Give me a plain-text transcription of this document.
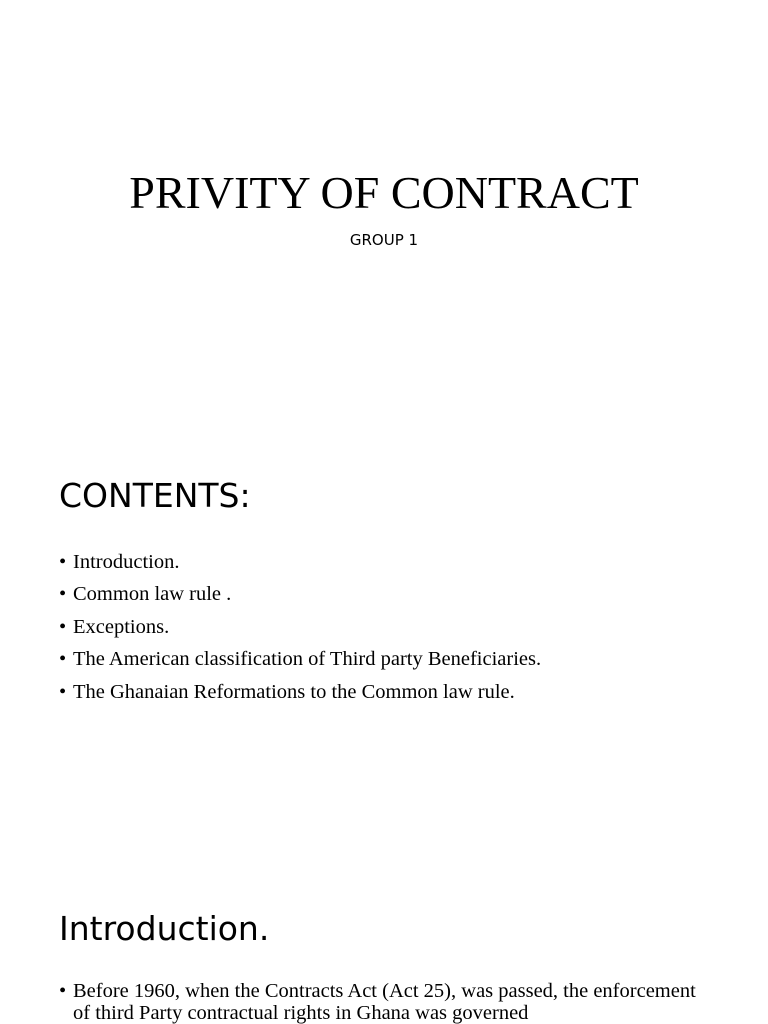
PRIVITY OF CONTRACT
GROUP 1
CONTENTS:
• Introduction.
• Common law rule .
• Exceptions.
• The American classification of Third party Beneficiaries.
• The Ghanaian Reformations to the Common law rule.
Introduction.
• Before 1960, when the Contracts Act (Act 25), was passed, the enforcement of third Party contractual rights in Ghana was governed
